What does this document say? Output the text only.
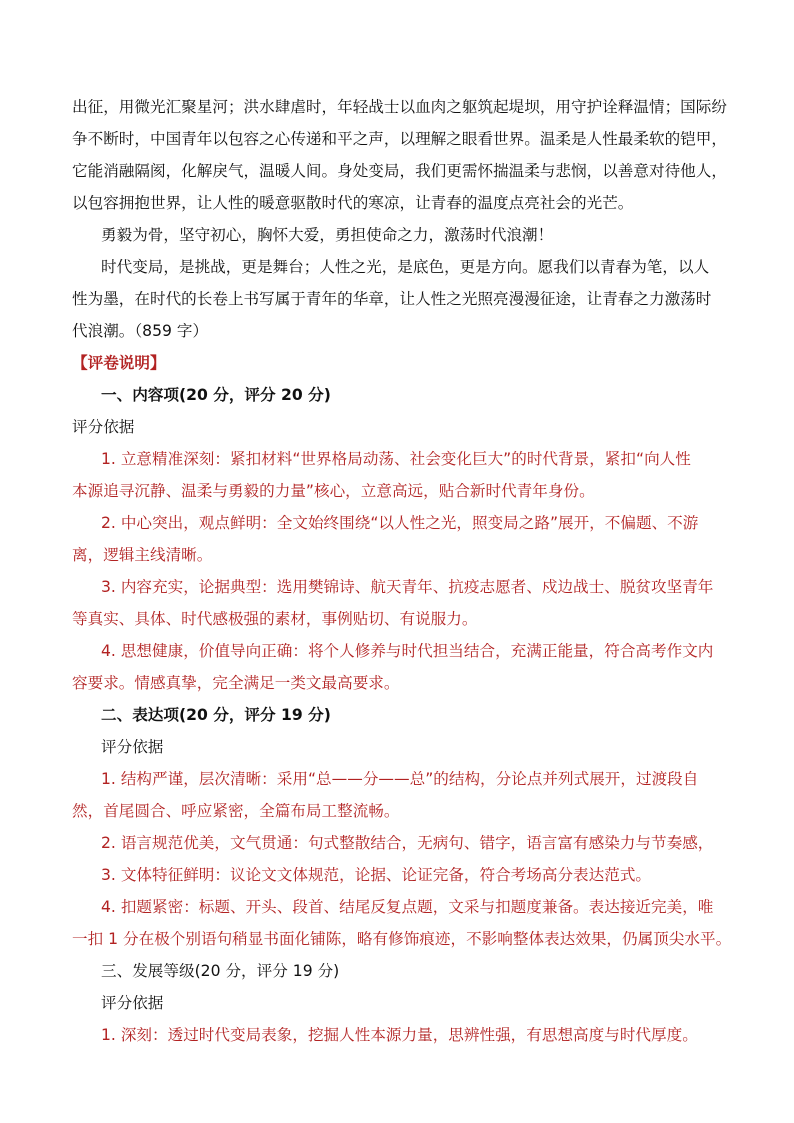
出征，用微光汇聚星河；洪水肆虐时，年轻战士以血肉之躯筑起堤坝，用守护诠释温情；国际纷
争不断时，中国青年以包容之心传递和平之声，以理解之眼看世界。温柔是人性最柔软的铠甲，
它能消融隔阂，化解戾气，温暖人间。身处变局，我们更需怀揣温柔与悲悯，以善意对待他人，
以包容拥抱世界，让人性的暖意驱散时代的寒凉，让青春的温度点亮社会的光芒。
勇毅为骨，坚守初心，胸怀大爱，勇担使命之力，激荡时代浪潮！
时代变局，是挑战，更是舞台；人性之光，是底色，更是方向。愿我们以青春为笔，以人
性为墨，在时代的长卷上书写属于青年的华章，让人性之光照亮漫漫征途，让青春之力激荡时
代浪潮。（859 字）
【评卷说明】
一、内容项(20 分，评分 20 分)
评分依据
1. 立意精准深刻：紧扣材料“世界格局动荡、社会变化巨大”的时代背景，紧扣“向人性
本源追寻沉静、温柔与勇毅的力量”核心，立意高远，贴合新时代青年身份。
2. 中心突出，观点鲜明：全文始终围绕“以人性之光，照变局之路”展开，不偏题、不游
离，逻辑主线清晰。
3. 内容充实，论据典型：选用樊锦诗、航天青年、抗疫志愿者、戍边战士、脱贫攻坚青年
等真实、具体、时代感极强的素材，事例贴切、有说服力。
4. 思想健康，价值导向正确：将个人修养与时代担当结合，充满正能量，符合高考作文内
容要求。情感真挚，完全满足一类文最高要求。
二、表达项(20 分，评分 19 分)
评分依据
1. 结构严谨，层次清晰：采用“总——分——总”的结构，分论点并列式展开，过渡段自
然，首尾圆合、呼应紧密，全篇布局工整流畅。
2. 语言规范优美，文气贯通：句式整散结合，无病句、错字，语言富有感染力与节奏感，
3. 文体特征鲜明：议论文文体规范，论据、论证完备，符合考场高分表达范式。
4. 扣题紧密：标题、开头、段首、结尾反复点题，文采与扣题度兼备。表达接近完美，唯
一扣 1 分在极个别语句稍显书面化铺陈，略有修饰痕迹，不影响整体表达效果，仍属顶尖水平。
三、发展等级(20 分，评分 19 分)
评分依据
1. 深刻：透过时代变局表象，挖掘人性本源力量，思辨性强，有思想高度与时代厚度。
